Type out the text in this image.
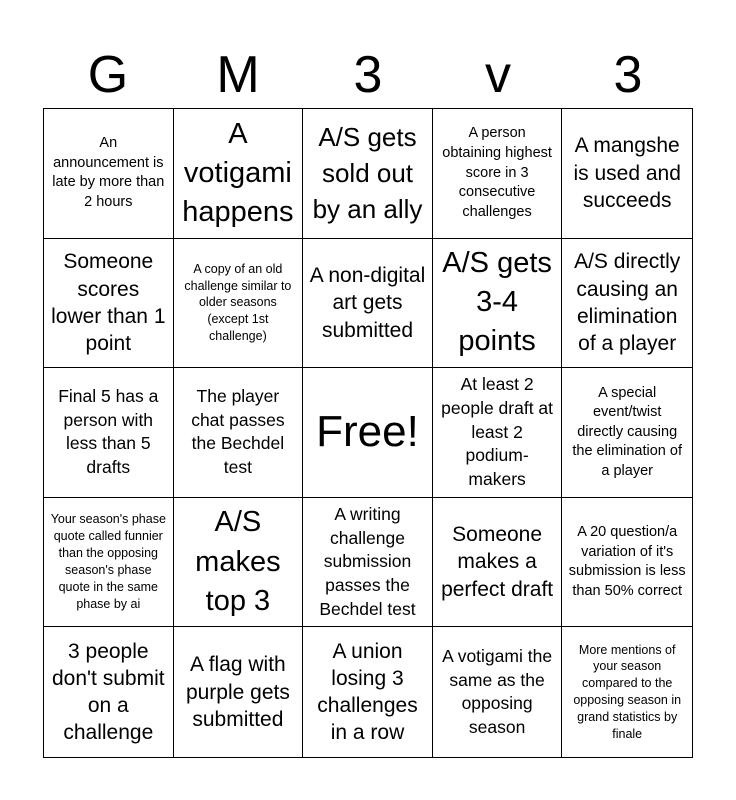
G	M	3	v	3
An announcement is late by more than 2 hours
A votigami happens
A/S gets sold out by an ally
A person obtaining highest score in 3 consecutive challenges
A mangshe is used and succeeds
Someone scores lower than 1 point
A copy of an old challenge similar to older seasons (except 1st challenge)
A non-digital art gets submitted
A/S gets 3-4 points
A/S directly causing an elimination of a player
Final 5 has a person with less than 5 drafts
The player chat passes the Bechdel test
Free!
At least 2 people draft at least 2 podium-makers
A special event/twist directly causing the elimination of a player
Your season's phase quote called funnier than the opposing season's phase quote in the same phase by ai
A/S makes top 3
A writing challenge submission passes the Bechdel test
Someone makes a perfect draft
A 20 question/a variation of it's submission is less than 50% correct
3 people don't submit on a challenge
A flag with purple gets submitted
A union losing 3 challenges in a row
A votigami the same as the opposing season
More mentions of your season compared to the opposing season in grand statistics by finale
